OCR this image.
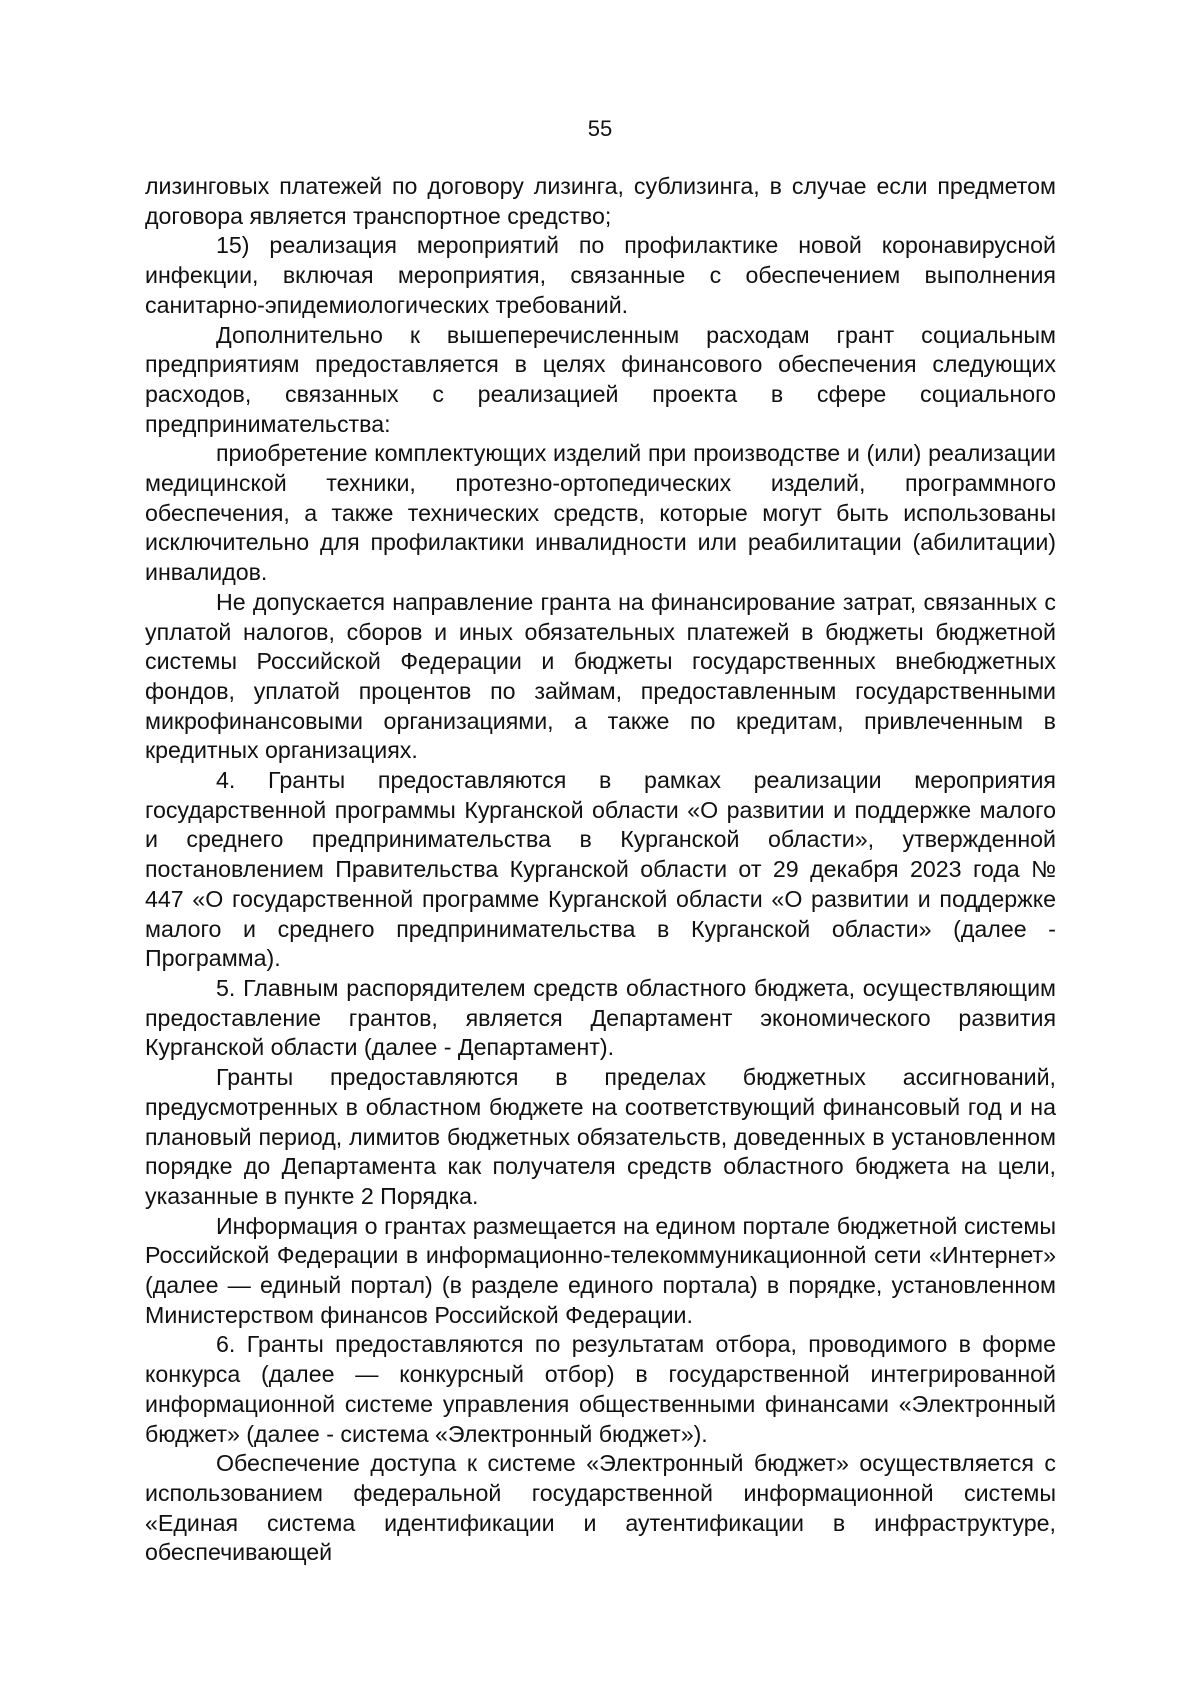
55

лизинговых платежей по договору лизинга, сублизинга, в случае если предметом договора является транспортное средство;

15) реализация мероприятий по профилактике новой коронавирусной инфекции, включая мероприятия, связанные с обеспечением выполнения санитарно-эпидемиологических требований.

Дополнительно к вышеперечисленным расходам грант социальным предприятиям предоставляется в целях финансового обеспечения следующих расходов, связанных с реализацией проекта в сфере социального предпринимательства:

приобретение комплектующих изделий при производстве и (или) реализации медицинской техники, протезно-ортопедических изделий, программного обеспечения, а также технических средств, которые могут быть использованы исключительно для профилактики инвалидности или реабилитации (абилитации) инвалидов.

Не допускается направление гранта на финансирование затрат, связанных с уплатой налогов, сборов и иных обязательных платежей в бюджеты бюджетной системы Российской Федерации и бюджеты государственных внебюджетных фондов, уплатой процентов по займам, предоставленным государственными микрофинансовыми организациями, а также по кредитам, привлеченным в кредитных организациях.

4. Гранты предоставляются в рамках реализации мероприятия государственной программы Курганской области «О развитии и поддержке малого и среднего предпринимательства в Курганской области», утвержденной постановлением Правительства Курганской области от 29 декабря 2023 года № 447 «О государственной программе Курганской области «О развитии и поддержке малого и среднего предпринимательства в Курганской области» (далее - Программа).

5. Главным распорядителем средств областного бюджета, осуществляющим предоставление грантов, является Департамент экономического развития Курганской области (далее - Департамент).

Гранты предоставляются в пределах бюджетных ассигнований, предусмотренных в областном бюджете на соответствующий финансовый год и на плановый период, лимитов бюджетных обязательств, доведенных в установленном порядке до Департамента как получателя средств областного бюджета на цели, указанные в пункте 2 Порядка.

Информация о грантах размещается на едином портале бюджетной системы Российской Федерации в информационно-телекоммуникационной сети «Интернет» (далее — единый портал) (в разделе единого портала) в порядке, установленном Министерством финансов Российской Федерации.

6. Гранты предоставляются по результатам отбора, проводимого в форме конкурса (далее — конкурсный отбор) в государственной интегрированной информационной системе управления общественными финансами «Электронный бюджет» (далее - система «Электронный бюджет»).

Обеспечение доступа к системе «Электронный бюджет» осуществляется с использованием федеральной государственной информационной системы «Единая система идентификации и аутентификации в инфраструктуре, обеспечивающей
